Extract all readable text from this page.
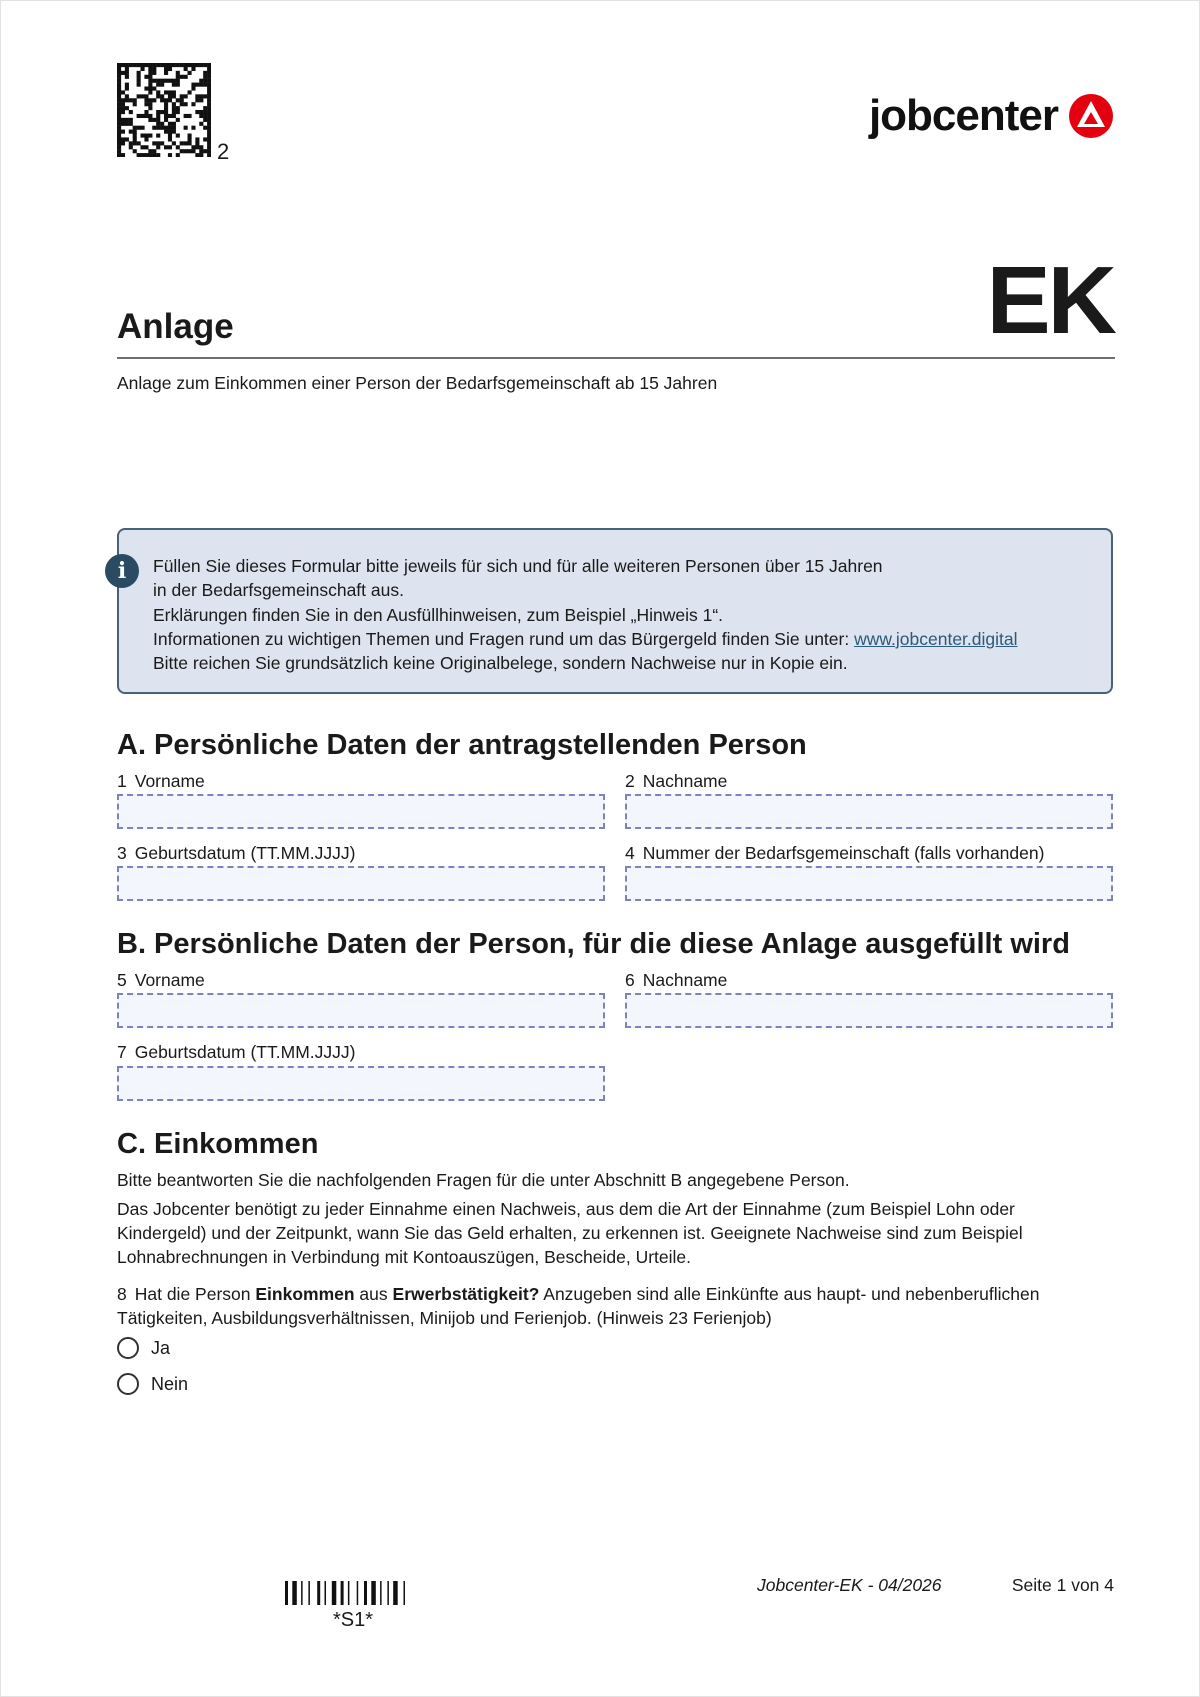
2
jobcenter
EK
Anlage
Anlage zum Einkommen einer Person der Bedarfsgemeinschaft ab 15 Jahren
Füllen Sie dieses Formular bitte jeweils für sich und für alle weiteren Personen über 15 Jahren
in der Bedarfsgemeinschaft aus.
Erklärungen finden Sie in den Ausfüllhinweisen, zum Beispiel „Hinweis 1“.
Informationen zu wichtigen Themen und Fragen rund um das Bürgergeld finden Sie unter: www.jobcenter.digital
Bitte reichen Sie grundsätzlich keine Originalbelege, sondern Nachweise nur in Kopie ein.
i
A. Persönliche Daten der antragstellenden Person
1 Vorname	2 Nachname
3 Geburtsdatum (TT.MM.JJJJ)	4 Nummer der Bedarfsgemeinschaft (falls vorhanden)
B. Persönliche Daten der Person, für die diese Anlage ausgefüllt wird
5 Vorname	6 Nachname
7 Geburtsdatum (TT.MM.JJJJ)
C. Einkommen
Bitte beantworten Sie die nachfolgenden Fragen für die unter Abschnitt B angegebene Person.
Das Jobcenter benötigt zu jeder Einnahme einen Nachweis, aus dem die Art der Einnahme (zum Beispiel Lohn oder
Kindergeld) und der Zeitpunkt, wann Sie das Geld erhalten, zu erkennen ist. Geeignete Nachweise sind zum Beispiel
Lohnabrechnungen in Verbindung mit Kontoauszügen, Bescheide, Urteile.
8 Hat die Person Einkommen aus Erwerbstätigkeit? Anzugeben sind alle Einkünfte aus haupt- und nebenberuflichen
Tätigkeiten, Ausbildungsverhältnissen, Minijob und Ferienjob. (Hinweis 23 Ferienjob)
Ja
Nein
*S1*
Jobcenter-EK - 04/2026	Seite 1 von 4
